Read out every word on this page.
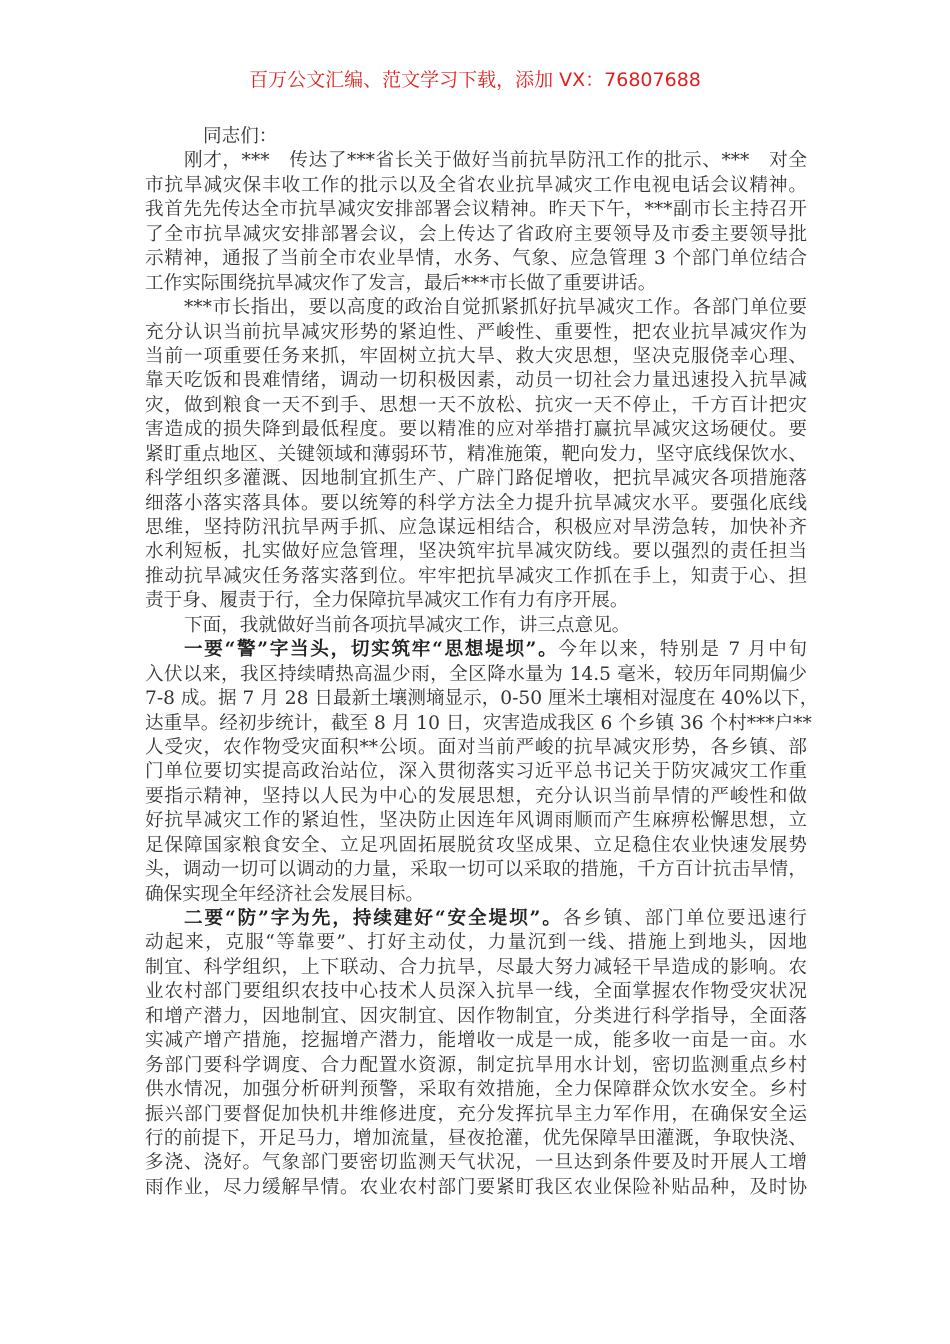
百万公文汇编、范文学习下载，添加 VX：76807688
同志们：
刚才，***　传达了***省长关于做好当前抗旱防汛工作的批示、***　对全
市抗旱减灾保丰收工作的批示以及全省农业抗旱减灾工作电视电话会议精神。
我首先先传达全市抗旱减灾安排部署会议精神。昨天下午，***副市长主持召开
了全市抗旱减灾安排部署会议，会上传达了省政府主要领导及市委主要领导批
示精神，通报了当前全市农业旱情，水务、气象、应急管理 3 个部门单位结合
工作实际围绕抗旱减灾作了发言，最后***市长做了重要讲话。
***市长指出，要以高度的政治自觉抓紧抓好抗旱减灾工作。各部门单位要
充分认识当前抗旱减灾形势的紧迫性、严峻性、重要性，把农业抗旱减灾作为
当前一项重要任务来抓，牢固树立抗大旱、救大灾思想，坚决克服侥幸心理、
靠天吃饭和畏难情绪，调动一切积极因素，动员一切社会力量迅速投入抗旱减
灾，做到粮食一天不到手、思想一天不放松、抗灾一天不停止，千方百计把灾
害造成的损失降到最低程度。要以精准的应对举措打赢抗旱减灾这场硬仗。要
紧盯重点地区、关键领域和薄弱环节，精准施策，靶向发力，坚守底线保饮水、
科学组织多灌溉、因地制宜抓生产、广辟门路促增收，把抗旱减灾各项措施落
细落小落实落具体。要以统筹的科学方法全力提升抗旱减灾水平。要强化底线
思维，坚持防汛抗旱两手抓、应急谋远相结合，积极应对旱涝急转，加快补齐
水利短板，扎实做好应急管理，坚决筑牢抗旱减灾防线。要以强烈的责任担当
推动抗旱减灾任务落实落到位。牢牢把抗旱减灾工作抓在手上，知责于心、担
责于身、履责于行，全力保障抗旱减灾工作有力有序开展。
下面，我就做好当前各项抗旱减灾工作，讲三点意见。
一要“警”字当头，切实筑牢“思想堤坝”。今年以来，特别是 7 月中旬
入伏以来，我区持续晴热高温少雨，全区降水量为 14.5 毫米，较历年同期偏少
7-8 成。据 7 月 28 日最新土壤测墒显示，0-50 厘米土壤相对湿度在 40%以下，
达重旱。经初步统计，截至 8 月 10 日，灾害造成我区 6 个乡镇 36 个村***户**
人受灾，农作物受灾面积**公顷。面对当前严峻的抗旱减灾形势，各乡镇、部
门单位要切实提高政治站位，深入贯彻落实习近平总书记关于防灾减灾工作重
要指示精神，坚持以人民为中心的发展思想，充分认识当前旱情的严峻性和做
好抗旱减灾工作的紧迫性，坚决防止因连年风调雨顺而产生麻痹松懈思想，立
足保障国家粮食安全、立足巩固拓展脱贫攻坚成果、立足稳住农业快速发展势
头，调动一切可以调动的力量，采取一切可以采取的措施，千方百计抗击旱情，
确保实现全年经济社会发展目标。
二要“防”字为先，持续建好“安全堤坝”。各乡镇、部门单位要迅速行
动起来，克服“等靠要”、打好主动仗，力量沉到一线、措施上到地头，因地
制宜、科学组织，上下联动、合力抗旱，尽最大努力减轻干旱造成的影响。农
业农村部门要组织农技中心技术人员深入抗旱一线，全面掌握农作物受灾状况
和增产潜力，因地制宜、因灾制宜、因作物制宜，分类进行科学指导，全面落
实减产增产措施，挖掘增产潜力，能增收一成是一成，能多收一亩是一亩。水
务部门要科学调度、合力配置水资源，制定抗旱用水计划，密切监测重点乡村
供水情况，加强分析研判预警，采取有效措施，全力保障群众饮水安全。乡村
振兴部门要督促加快机井维修进度，充分发挥抗旱主力军作用，在确保安全运
行的前提下，开足马力，增加流量，昼夜抢灌，优先保障旱田灌溉，争取快浇、
多浇、浇好。气象部门要密切监测天气状况，一旦达到条件要及时开展人工增
雨作业，尽力缓解旱情。农业农村部门要紧盯我区农业保险补贴品种，及时协
